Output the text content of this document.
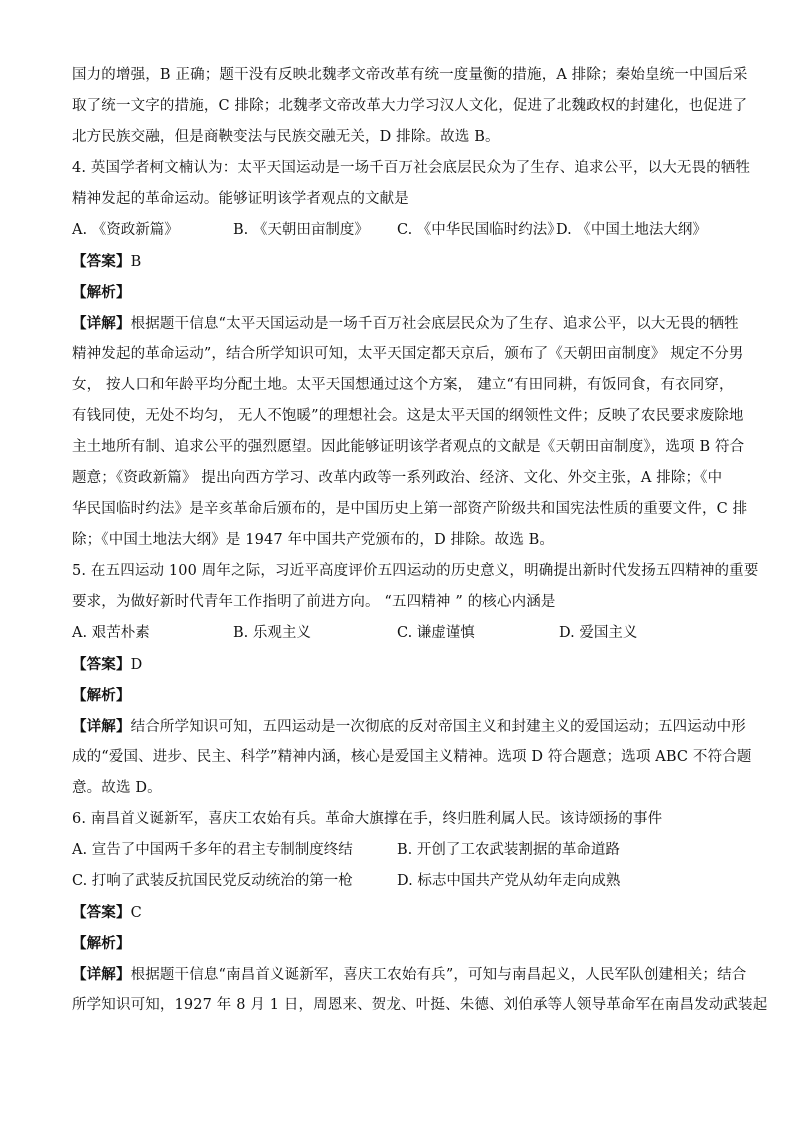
国力的增强，B 正确；题干没有反映北魏孝文帝改革有统一度量衡的措施，A 排除；秦始皇统一中国后采
取了统一文字的措施，C 排除；北魏孝文帝改革大力学习汉人文化，促进了北魏政权的封建化，也促进了
北方民族交融，但是商鞅变法与民族交融无关，D 排除。故选 B。
4. 英国学者柯文楠认为：太平天国运动是一场千百万社会底层民众为了生存、追求公平，以大无畏的牺牲
精神发起的革命运动。能够证明该学者观点的文献是
A. 《资政新篇》	B. 《天朝田亩制度》 C. 《中华民国临时约法》
D. 《中国土地法大纲》
【答案】B
【解析】
【详解】根据题干信息“太平天国运动是一场千百万社会底层民众为了生存、追求公平，以大无畏的牺牲
精神发起的革命运动”，结合所学知识可知，太平天国定都天京后，颁布了《天朝田亩制度》 规定不分男
女， 按人口和年龄平均分配土地。太平天国想通过这个方案， 建立“有田同耕，有饭同食，有衣同穿，
有钱同使，无处不均匀， 无人不饱暖”的理想社会。这是太平天国的纲领性文件；反映了农民要求废除地
主土地所有制、追求公平的强烈愿望。因此能够证明该学者观点的文献是《天朝田亩制度》，选项 B 符合
题意；《资政新篇》 提出向西方学习、改革内政等一系列政治、经济、文化、外交主张，A 排除；《中
华民国临时约法》是辛亥革命后颁布的，是中国历史上第一部资产阶级共和国宪法性质的重要文件，C 排
除；《中国土地法大纲》是 1947 年中国共产党颁布的，D 排除。故选 B。
5. 在五四运动 100 周年之际，习近平高度评价五四运动的历史意义，明确提出新时代发扬五四精神的重要
要求，为做好新时代青年工作指明了前进方向。 “五四精神 ” 的核心内涵是
A. 艰苦朴素	B. 乐观主义	C. 谦虚谨慎	D. 爱国主义
【答案】D
【解析】
【详解】结合所学知识可知，五四运动是一次彻底的反对帝国主义和封建主义的爱国运动；五四运动中形
成的“爱国、进步、民主、科学”精神内涵，核心是爱国主义精神。选项 D 符合题意；选项 ABC 不符合题
意。故选 D。
6. 南昌首义诞新军，喜庆工农始有兵。革命大旗撑在手，终归胜利属人民。该诗颂扬的事件
A. 宣告了中国两千多年的君主专制制度终结	B. 开创了工农武装割据的革命道路
C. 打响了武装反抗国民党反动统治的第一枪	D. 标志中国共产党从幼年走向成熟
【答案】C
【解析】
【详解】根据题干信息“南昌首义诞新军，喜庆工农始有兵”，可知与南昌起义，人民军队创建相关；结合
所学知识可知，1927 年 8 月 1 日，周恩来、贺龙、叶挺、朱德、刘伯承等人领导革命军在南昌发动武装起
